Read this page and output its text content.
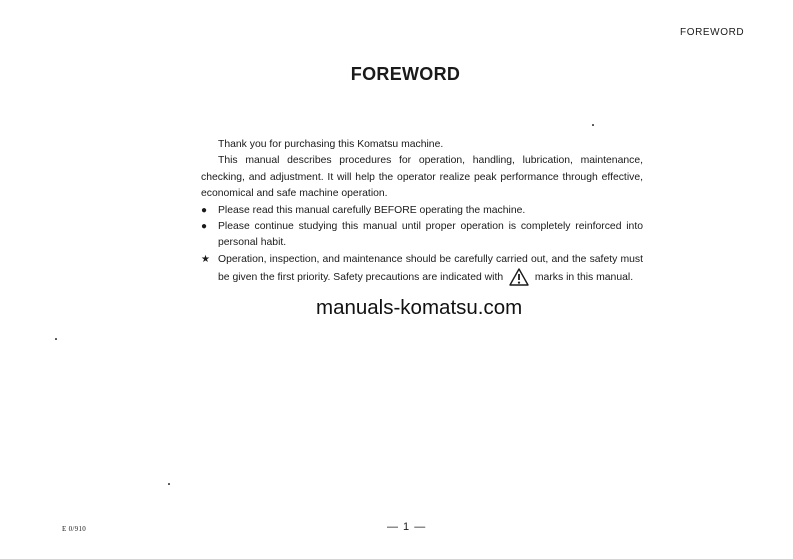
FOREWORD
FOREWORD

Thank you for purchasing this Komatsu machine.

This manual describes procedures for operation, handling, lubrication, maintenance, checking, and adjustment. It will help the operator realize peak performance through effective, economical and safe machine operation.

●	Please read this manual carefully BEFORE operating the machine.
●	Please continue studying this manual until proper operation is completely reinforced into personal habit.
★ Operation, inspection, and maintenance should be carefully carried out, and the safety must be given the first priority. Safety precautions are indicated with	marks in this manual.
manuals-komatsu.com
E 0/910	— 1 —
